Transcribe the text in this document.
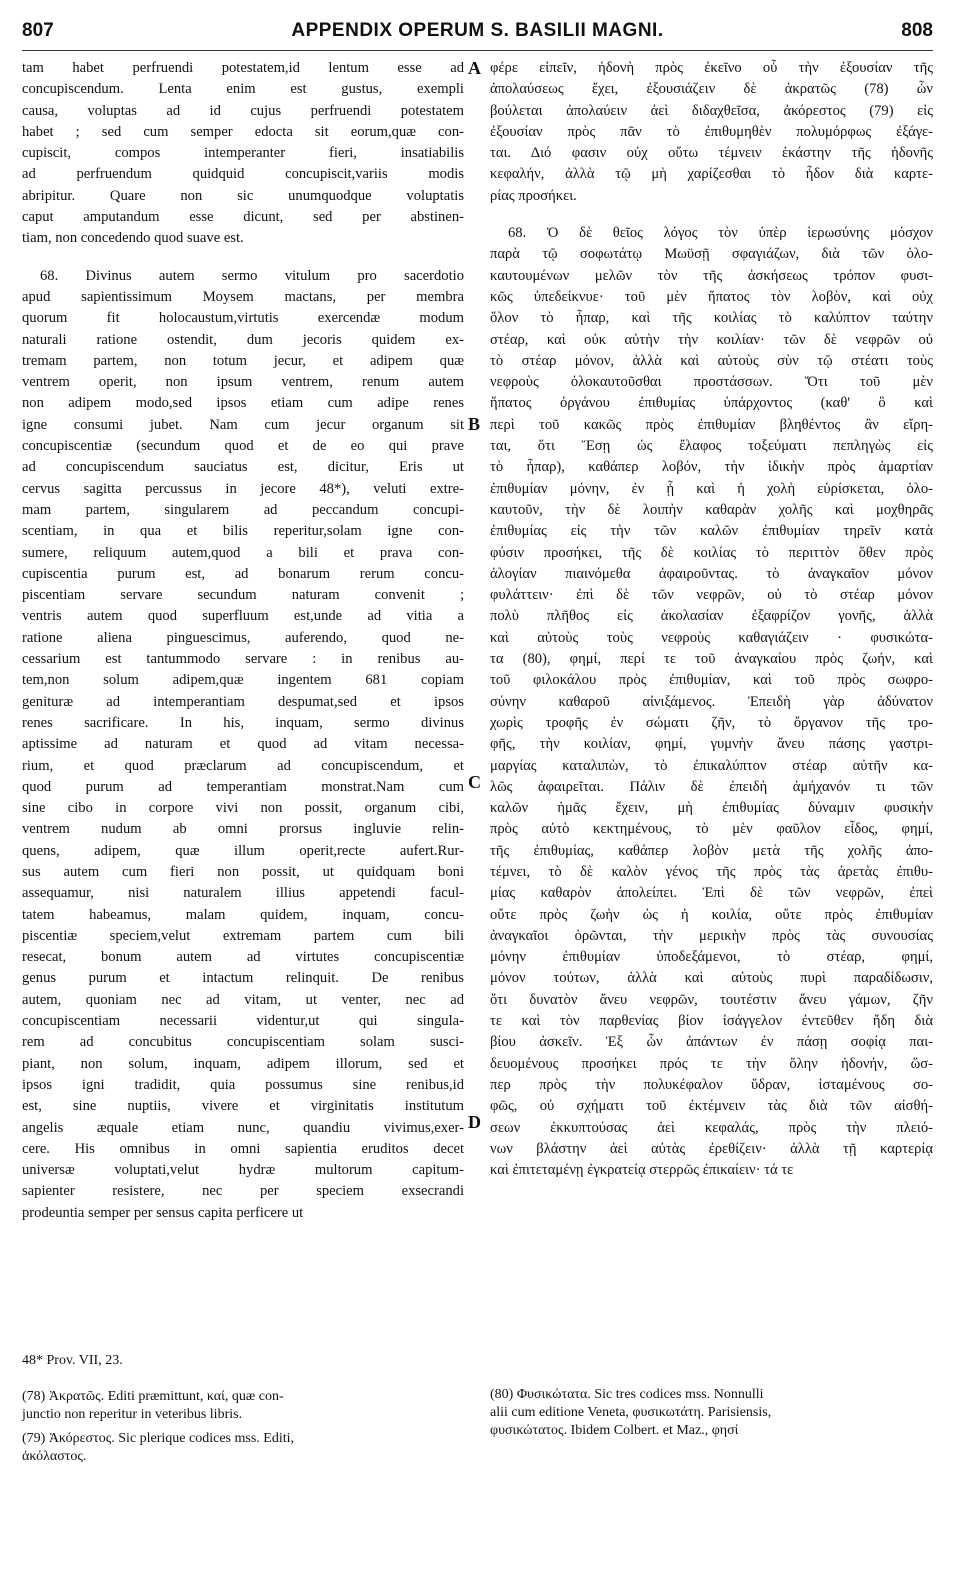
807	APPENDIX OPERUM S. BASILII MAGNI.	808
tam habet perfruendi potestatem,id lentum esse ad
concupiscendum. Lenta enim est gustus, exempli
causa, voluptas ad id cujus perfruendi potestatem
habet ; sed cum semper edocta sit eorum,quæ con-
cupiscit, compos intemperanter fieri, insatiabilis
ad perfruendum quidquid concupiscit,variis modis
abripitur. Quare non sic unumquodque voluptatis
caput amputandum esse dicunt, sed per abstinen-
tiam, non concedendo quod suave est.
68. Divinus autem sermo vitulum pro sacerdotio
apud sapientissimum Moysem mactans, per membra
quorum fit holocaustum,virtutis exercendæ modum
naturali ratione ostendit, dum jecoris quidem ex-
tremam partem, non totum jecur, et adipem quæ
ventrem operit, non ipsum ventrem, renum autem
non adipem modo,sed ipsos etiam cum adipe renes
igne consumi jubet. Nam cum jecur organum sit
concupiscentiæ (secundum quod et de eo qui prave
ad concupiscendum sauciatus est, dicitur, Eris ut
cervus sagitta percussus in jecore 48*), veluti extre-
mam partem, singularem ad peccandum concupi-
scentiam, in qua et bilis reperitur,solam igne con-
sumere, reliquum autem,quod a bili et prava con-
cupiscentia purum est, ad bonarum rerum concu-
piscentiam servare secundum naturam convenit ;
ventris autem quod superfluum est,unde ad vitia a
ratione aliena pinguescimus, auferendo, quod ne-
cessarium est tantummodo servare : in renibus au-
tem,non solum adipem,quæ ingentem 681 copiam
genituræ ad intemperantiam despumat,sed et ipsos
renes sacrificare. In his, inquam, sermo divinus
aptissime ad naturam et quod ad vitam necessa-
rium, et quod præclarum ad concupiscendum, et
quod purum ad temperantiam monstrat.Nam cum
sine cibo in corpore vivi non possit, organum cibi,
ventrem nudum ab omni prorsus ingluvie relin-
quens, adipem, quæ illum operit,recte aufert.Rur-
sus autem cum fieri non possit, ut quidquam boni
assequamur, nisi naturalem illius appetendi facul-
tatem habeamus, malam quidem, inquam, concu-
piscentiæ speciem,velut extremam partem cum bili
resecat, bonum autem ad virtutes concupiscentiæ
genus purum et intactum relinquit. De renibus
autem, quoniam nec ad vitam, ut venter, nec ad
concupiscentiam necessarii videntur,ut qui singula-
rem ad concubitus concupiscentiam solam susci-
piant, non solum, inquam, adipem illorum, sed et
ipsos igni tradidit, quia possumus sine renibus,id
est, sine nuptiis, vivere et virginitatis institutum
angelis æquale etiam nunc, quandiu vivimus,exer-
cere. His omnibus in omni sapientia eruditos decet
universæ voluptati,velut hydræ multorum capitum-
sapienter resistere, nec per speciem exsecrandi
prodeuntia semper per sensus capita perficere ut
φέρε εἰπεῖν, ἡδονὴ πρὸς ἐκεῖνο οὗ τὴν ἐξουσίαν τῆς
ἀπολαύσεως ἔχει, ἐξουσιάζειν δὲ ἀκρατῶς (78) ὧν
βούλεται ἀπολαύειν ἀεὶ διδαχθεῖσα, ἀκόρεστος (79) εἰς
ἐξουσίαν πρὸς πᾶν τὸ ἐπιθυμηθὲν πολυμόρφως ἐξάγε-
ται. Διό φασιν οὐχ οὕτω τέμνειν ἑκάστην τῆς ἡδονῆς
κεφαλήν, ἀλλὰ τῷ μὴ χαρίζεσθαι τὸ ἧδον διὰ καρτε-
ρίας προσήκει.
68. Ὁ δὲ θεῖος λόγος τὸν ὑπὲρ ἱερωσύνης μόσχον
παρὰ τῷ σοφωτάτῳ Μωϋσῇ σφαγιάζων, διὰ τῶν ὁλο-
καυτουμένων μελῶν τὸν τῆς ἀσκήσεως τρόπον φυσι-
κῶς ὑπεδείκνυε· τοῦ μὲν ἥπατος τὸν λοβὸν, καὶ οὐχ
ὅλον τὸ ἧπαρ, καὶ τῆς κοιλίας τὸ καλύπτον ταύτην
στέαρ, καὶ οὐκ αὐτὴν τὴν κοιλίαν· τῶν δὲ νεφρῶν οὐ
τὸ στέαρ μόνον, ἀλλὰ καὶ αὐτοὺς σὺν τῷ στέατι τοὺς
νεφροὺς ὁλοκαυτοῦσθαι προστάσσων. Ὅτι τοῦ μὲν
ἥπατος ὀργάνου ἐπιθυμίας ὑπάρχοντος (καθ' ὃ καὶ
περὶ τοῦ κακῶς πρὸς ἐπιθυμίαν βληθέντος ἂν εἴρη-
ται, ὅτι Ἔσῃ ὡς ἔλαφος τοξεύματι πεπληγὼς εἰς
τὸ ἧπαρ), καθάπερ λοβόν, τὴν ἰδικὴν πρὸς ἁμαρτίαν
ἐπιθυμίαν μόνην, ἐν ᾗ καὶ ἡ χολὴ εὑρίσκεται, ὁλο-
καυτοῦν, τὴν δὲ λοιπὴν καθαρὰν χολῆς καὶ μοχθηρᾶς
ἐπιθυμίας εἰς τὴν τῶν καλῶν ἐπιθυμίαν τηρεῖν κατὰ
φύσιν προσήκει, τῆς δὲ κοιλίας τὸ περιττὸν ὅθεν πρὸς
ἀλογίαν πιαινόμεθα ἀφαιροῦντας. τὸ ἀναγκαῖον μόνον
φυλάττειν· ἐπὶ δὲ τῶν νεφρῶν, οὐ τὸ στέαρ μόνον
πολὺ πλῆθος εἰς ἀκολασίαν ἐξαφρίζον γονῆς, ἀλλὰ
καὶ αὐτοὺς τοὺς νεφροὺς καθαγιάζειν · φυσικώτα-
τα (80), φημί, περί τε τοῦ ἀναγκαίου πρὸς ζωήν, καὶ
τοῦ φιλοκάλου πρὸς ἐπιθυμίαν, καὶ τοῦ πρὸς σωφρο-
σύνην καθαροῦ αἰνιξάμενος. Ἐπειδὴ γὰρ ἀδύνατον
χωρὶς τροφῆς ἐν σώματι ζῆν, τὸ ὄργανον τῆς τρο-
φῆς, τὴν κοιλίαν, φημί, γυμνὴν ἄνευ πάσης γαστρι-
μαργίας καταλιπὼν, τὸ ἐπικαλύπτον στέαρ αὐτῆν κα-
λῶς ἀφαιρεῖται. Πάλιν δὲ ἐπειδὴ ἀμήχανόν τι τῶν
καλῶν ἡμᾶς ἔχειν, μὴ ἐπιθυμίας δύναμιν φυσικὴν
πρὸς αὐτὸ κεκτημένους, τὸ μὲν φαῦλον εἶδος, φημί,
τῆς ἐπιθυμίας, καθάπερ λοβὸν μετὰ τῆς χολῆς ἀπο-
τέμνει, τὸ δὲ καλὸν γένος τῆς πρὸς τὰς ἀρετὰς ἐπιθυ-
μίας καθαρὸν ἀπολείπει. Ἐπὶ δὲ τῶν νεφρῶν, ἐπεὶ
οὔτε πρὸς ζωὴν ὡς ἡ κοιλία, οὔτε πρὸς ἐπιθυμίαν
ἀναγκαῖοι ὁρῶνται, τὴν μερικὴν πρὸς τὰς συνουσίας
μόνην ἐπιθυμίαν ὑποδεξάμενοι, τὸ στέαρ, φημί,
μόνον τούτων, ἀλλὰ καὶ αὐτοὺς πυρὶ παραδίδωσιν,
ὅτι δυνατὸν ἄνευ νεφρῶν, τουτέστιν ἄνευ γάμων, ζῆν
τε καὶ τὸν παρθενίας βίον ἰσάγγελον ἐντεῦθεν ἤδη διὰ
βίου ἀσκεῖν. Ἐξ ὧν ἁπάντων ἐν πάσῃ σοφίᾳ παι-
δευομένους προσήκει πρός τε τὴν ὅλην ἡδονήν, ὥσ-
περ πρὸς τὴν πολυκέφαλον ὕδραν, ἱσταμένους σο-
φῶς, οὐ σχήματι τοῦ ἐκτέμνειν τὰς διὰ τῶν αἰσθή-
σεων ἐκκυπτούσας ἀεὶ κεφαλάς, πρὸς τὴν πλειό-
νων βλάστην ἀεὶ αὐτὰς ἐρεθίζειν· ἀλλὰ τῇ καρτερίᾳ
καὶ ἐπιτεταμένῃ ἐγκρατείᾳ στερρῶς ἐπικαίειν· τά τε
A
B
C
D
48* Prov. VII, 23.
(78) Ἀκρατῶς. Editi præmittunt, καί, quæ con-
junctio non reperitur in veteribus libris.
(79) Ἀκόρεστος. Sic plerique codices mss. Editi,
ἀκόλαστος.
(80) Φυσικώτατα. Sic tres codices mss. Nonnulli
alii cum editione Veneta, φυσικωτάτη. Parisiensis,
φυσικώτατος. Ibidem Colbert. et Maz., φησί
